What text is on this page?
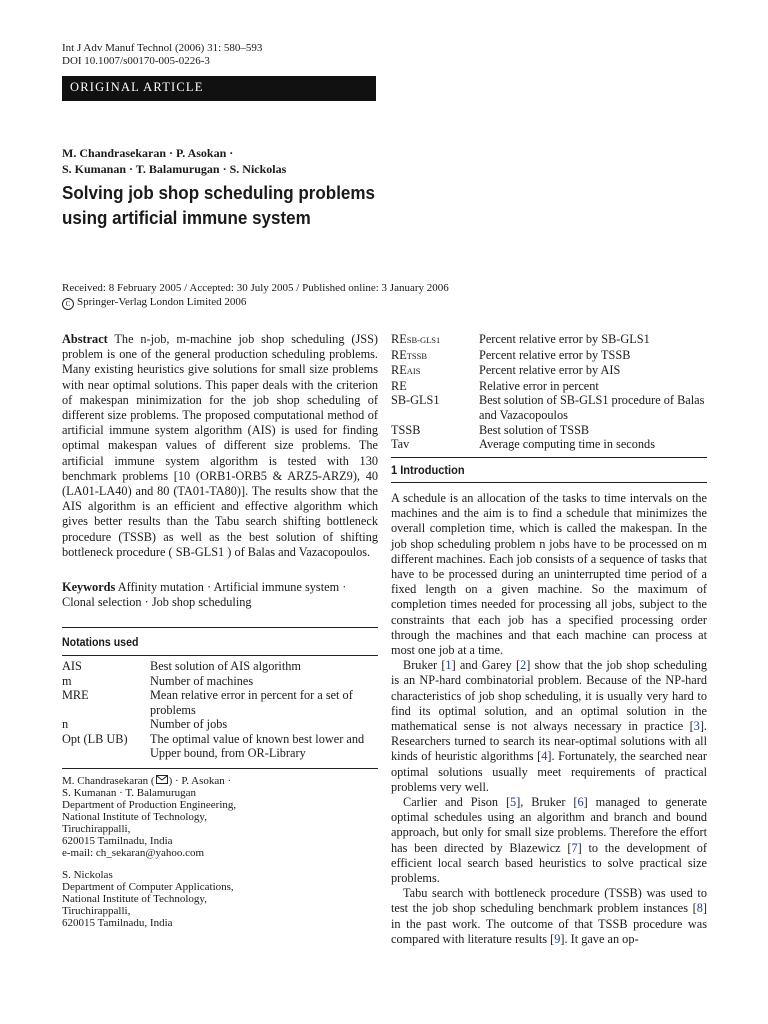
Int J Adv Manuf Technol (2006) 31: 580–593
DOI 10.1007/s00170-005-0226-3
ORIGINAL ARTICLE
M. Chandrasekaran · P. Asokan ·
S. Kumanan · T. Balamurugan · S. Nickolas
Solving job shop scheduling problems
using artificial immune system
Received: 8 February 2005 / Accepted: 30 July 2005 / Published online: 3 January 2006
C Springer-Verlag London Limited 2006

Abstract The n-job, m-machine job shop scheduling (JSS) problem is one of the general production scheduling problems. Many existing heuristics give solutions for small size problems with near optimal solutions. This paper deals with the criterion of makespan minimization for the job shop scheduling of different size problems. The proposed computational method of artificial immune system algorithm (AIS) is used for finding optimal makespan values of different size problems. The artificial immune system algorithm is tested with 130 benchmark problems [10 (ORB1-ORB5 & ARZ5-ARZ9), 40 (LA01-LA40) and 80 (TA01-TA80)]. The results show that the AIS algorithm is an efficient and effective algorithm which gives better results than the Tabu search shifting bottleneck procedure (TSSB) as well as the best solution of shifting bottleneck procedure ( SB-GLS1 ) of Balas and Vazacopoulos.

Keywords Affinity mutation · Artificial immune system · Clonal selection · Job shop scheduling
Notations used
AIS	Best solution of AIS algorithm
m	Number of machines
MRE	Mean relative error in percent for a set of problems
n	Number of jobs
Opt (LB UB)	The optimal value of known best lower and Upper bound, from OR-Library
M. Chandrasekaran ( ) · P. Asokan ·
S. Kumanan · T. Balamurugan
Department of Production Engineering,
National Institute of Technology,
Tiruchirappalli,
620015 Tamilnadu, India
e-mail: ch_sekaran@yahoo.com
S. Nickolas
Department of Computer Applications,
National Institute of Technology,
Tiruchirappalli,
620015 Tamilnadu, India
RESB-GLS1	Percent relative error by SB-GLS1
RETSSB	Percent relative error by TSSB
REAIS	Percent relative error by AIS
RE	Relative error in percent
SB-GLS1	Best solution of SB-GLS1 procedure of Balas and Vazacopoulos
TSSB	Best solution of TSSB
Tav	Average computing time in seconds
1 Introduction

A schedule is an allocation of the tasks to time intervals on the machines and the aim is to find a schedule that minimizes the overall completion time, which is called the makespan. In the job shop scheduling problem n jobs have to be processed on m different machines. Each job consists of a sequence of tasks that have to be processed during an uninterrupted time period of a fixed length on a given machine. So the maximum of completion times needed for processing all jobs, subject to the constraints that each job has a specified processing order through the machines and that each machine can process at most one job at a time.

Bruker [1] and Garey [2] show that the job shop scheduling is an NP-hard combinatorial problem. Because of the NP-hard characteristics of job shop scheduling, it is usually very hard to find its optimal solution, and an optimal solution in the mathematical sense is not always necessary in practice [3]. Researchers turned to search its near-optimal solutions with all kinds of heuristic algorithms [4]. Fortunately, the searched near optimal solutions usually meet requirements of practical problems very well.

Carlier and Pison [5], Bruker [6] managed to generate optimal schedules using an algorithm and branch and bound approach, but only for small size problems. Therefore the effort has been directed by Blazewicz [7] to the development of efficient local search based heuristics to solve practical size problems.

Tabu search with bottleneck procedure (TSSB) was used to test the job shop scheduling benchmark problem instances [8] in the past work. The outcome of that TSSB procedure was compared with literature results [9]. It gave an op-
